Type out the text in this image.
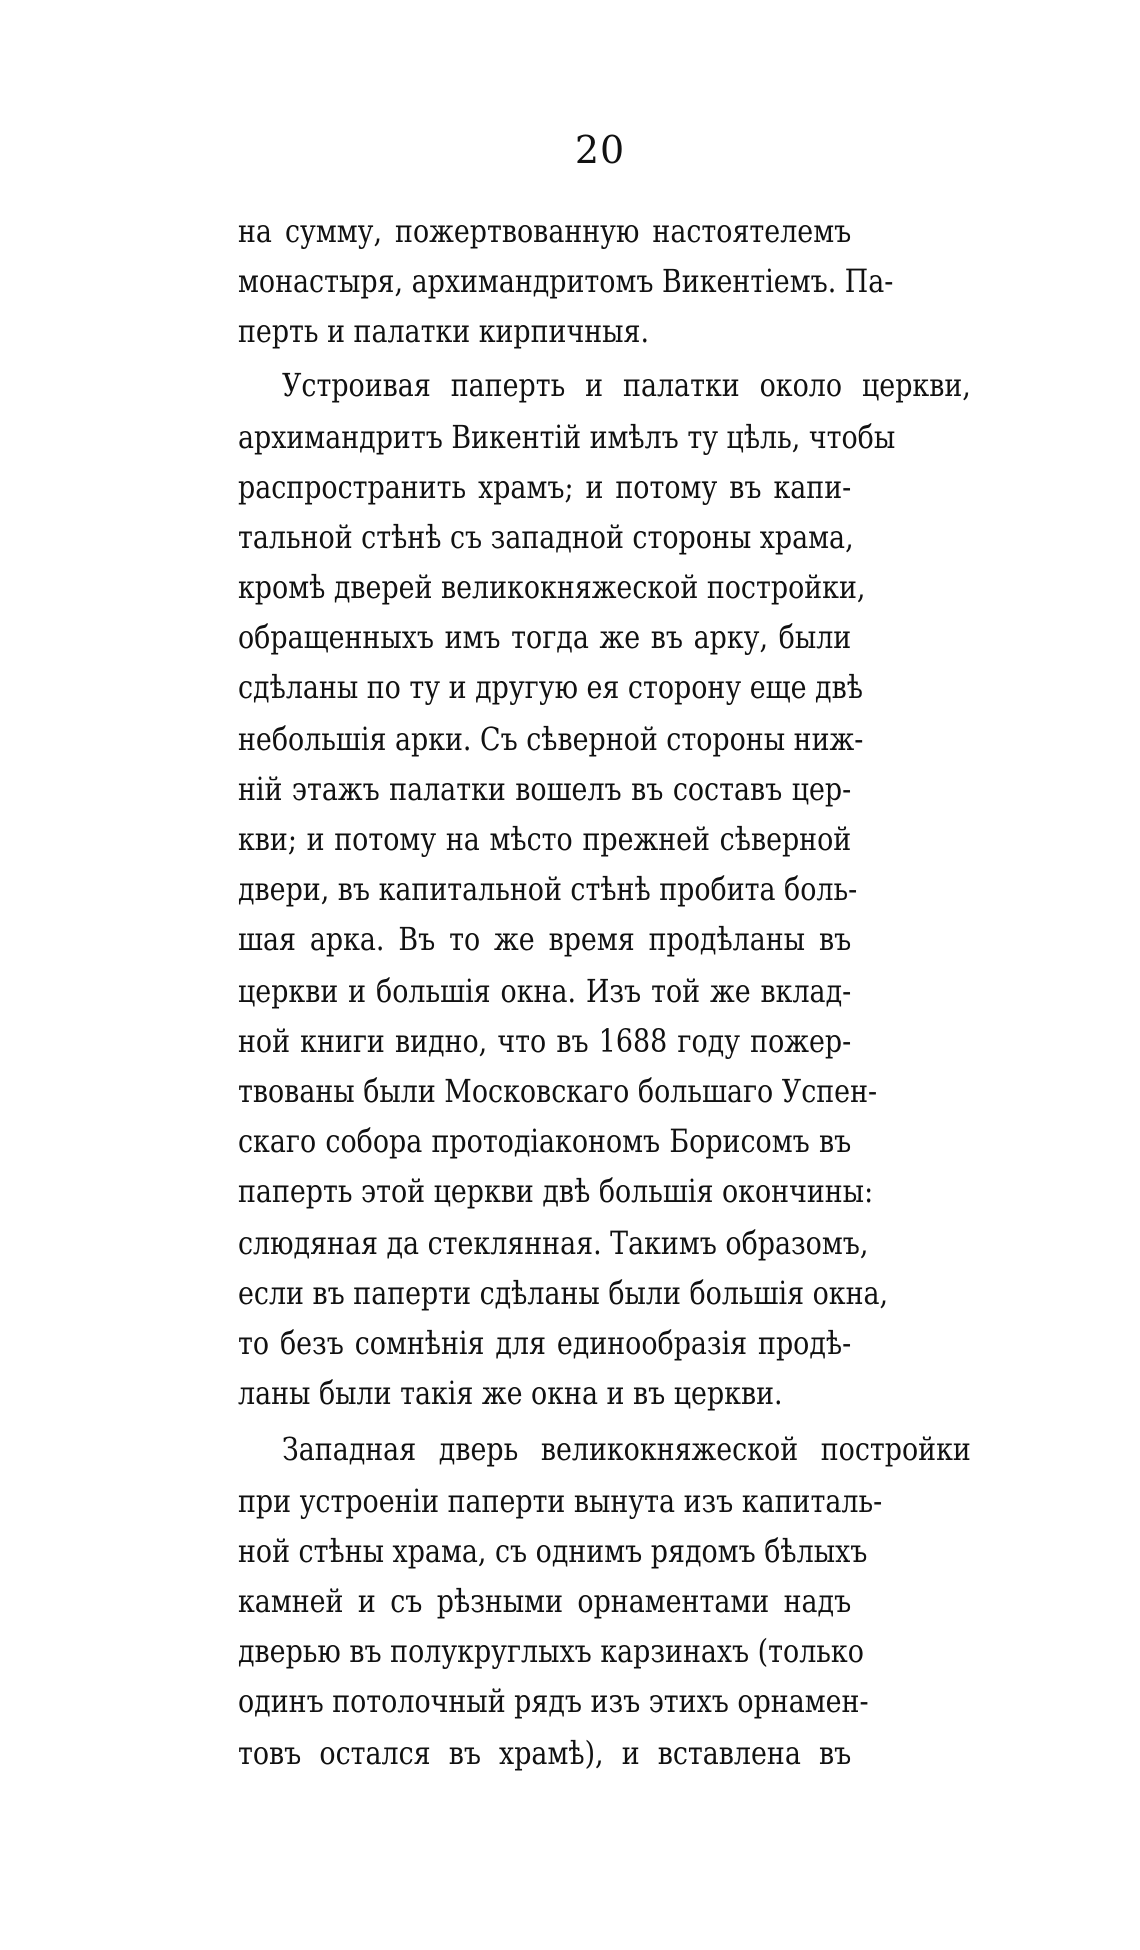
20
на сумму, пожертвованную настоятелемъ
монастыря, архимандритомъ Викентіемъ. Па-
перть и палатки кирпичныя.
Устроивая паперть и палатки около церкви,
архимандритъ Викентій имѣлъ ту цѣль, чтобы
распространить храмъ; и потому въ капи-
тальной стѣнѣ съ западной стороны храма,
кромѣ дверей великокняжеской постройки,
обращенныхъ имъ тогда же въ арку, были
сдѣланы по ту и другую ея сторону еще двѣ
небольшія арки. Съ сѣверной стороны ниж-
ній этажъ палатки вошелъ въ составъ цер-
кви; и потому на мѣсто прежней сѣверной
двери, въ капитальной стѣнѣ пробита боль-
шая арка. Въ то же время продѣланы въ
церкви и большія окна. Изъ той же вклад-
ной книги видно, что въ 1688 году пожер-
твованы были Московскаго большаго Успен-
скаго собора протодіакономъ Борисомъ въ
паперть этой церкви двѣ большія окончины:
слюдяная да стеклянная. Такимъ образомъ,
если въ паперти сдѣланы были большія окна,
то безъ сомнѣнія для единообразія продѣ-
ланы были такія же окна и въ церкви.
Западная дверь великокняжеской постройки
при устроеніи паперти вынута изъ капиталь-
ной стѣны храма, съ однимъ рядомъ бѣлыхъ
камней и съ рѣзными орнаментами надъ
дверью въ полукруглыхъ карзинахъ (только
одинъ потолочный рядъ изъ этихъ орнамен-
товъ остался въ храмѣ), и вставлена въ
